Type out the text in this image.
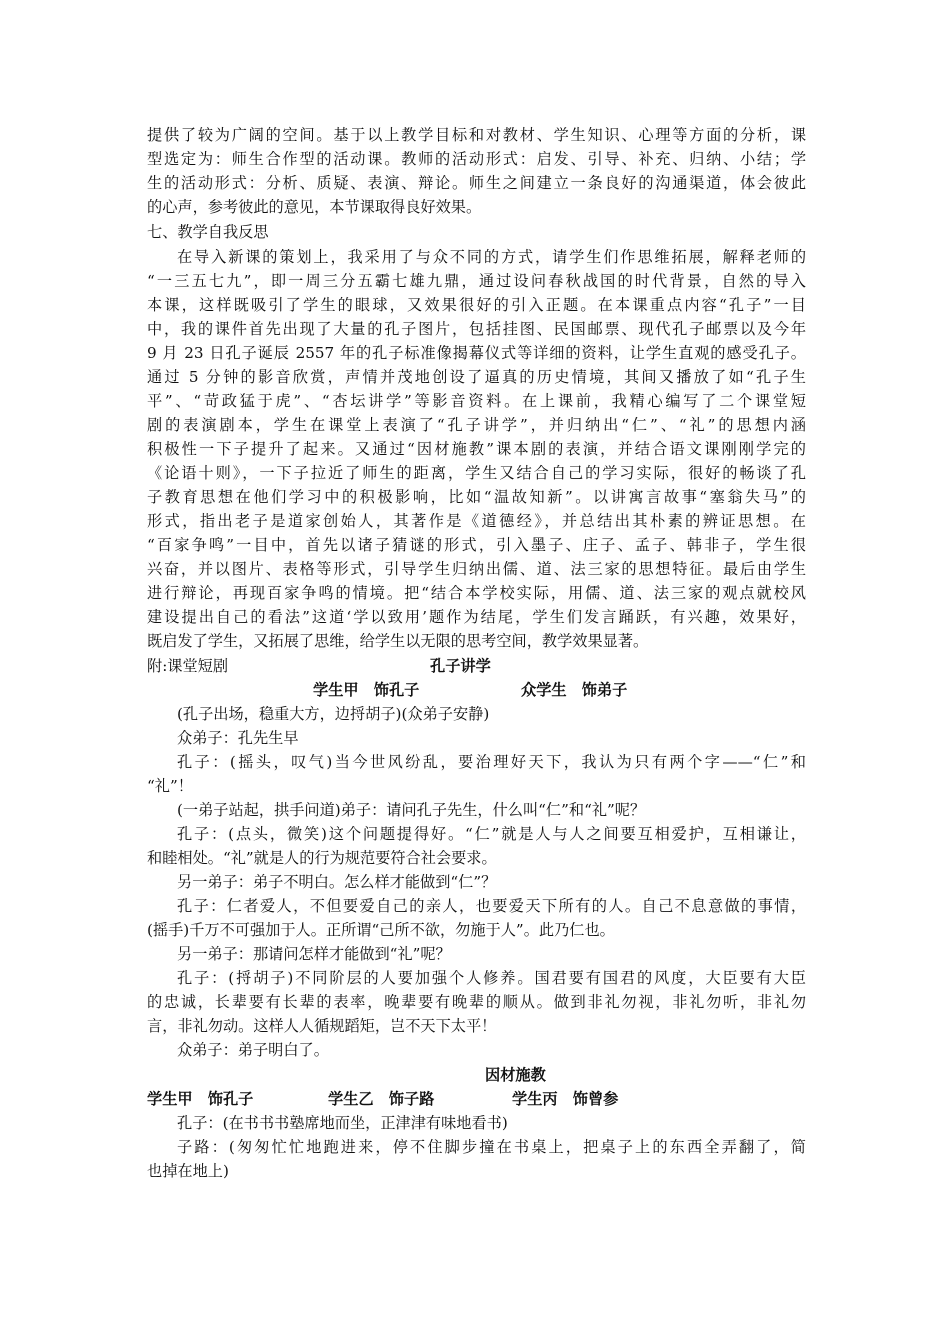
提供了较为广阔的空间。基于以上教学目标和对教材、学生知识、心理等方面的分析，课
型选定为：师生合作型的活动课。教师的活动形式：启发、引导、补充、归纳、小结；学
生的活动形式：分析、质疑、表演、辩论。师生之间建立一条良好的沟通渠道，体会彼此
的心声，参考彼此的意见，本节课取得良好效果。
七、教学自我反思
在导入新课的策划上，我采用了与众不同的方式，请学生们作思维拓展，解释老师的
“一三五七九”，即一周三分五霸七雄九鼎，通过设问春秋战国的时代背景，自然的导入
本课，这样既吸引了学生的眼球，又效果很好的引入正题。在本课重点内容“孔子”一目
中，我的课件首先出现了大量的孔子图片，包括挂图、民国邮票、现代孔子邮票以及今年
9 月 23 日孔子诞辰 2557 年的孔子标准像揭幕仪式等详细的资料，让学生直观的感受孔子。
通过 5 分钟的影音欣赏，声情并茂地创设了逼真的历史情境，其间又播放了如“孔子生
平”、“苛政猛于虎”、“杏坛讲学”等影音资料。在上课前，我精心编写了二个课堂短
剧的表演剧本，学生在课堂上表演了“孔子讲学”，并归纳出“仁”、“礼”的思想内涵
积极性一下子提升了起来。又通过“因材施教”课本剧的表演，并结合语文课刚刚学完的
《论语十则》，一下子拉近了师生的距离，学生又结合自己的学习实际，很好的畅谈了孔
子教育思想在他们学习中的积极影响，比如“温故知新”。以讲寓言故事“塞翁失马”的
形式，指出老子是道家创始人，其著作是《道德经》，并总结出其朴素的辨证思想。在
“百家争鸣”一目中，首先以诸子猜谜的形式，引入墨子、庄子、孟子、韩非子，学生很
兴奋，并以图片、表格等形式，引导学生归纳出儒、道、法三家的思想特征。最后由学生
进行辩论，再现百家争鸣的情境。把“结合本学校实际，用儒、道、法三家的观点就校风
建设提出自己的看法”这道‘学以致用’题作为结尾，学生们发言踊跃，有兴趣，效果好，
既启发了学生，又拓展了思维，给学生以无限的思考空间，教学效果显著。
附:课堂短剧	孔子讲学
学生甲　饰孔子	众学生　饰弟子
(孔子出场，稳重大方，边捋胡子)(众弟子安静)
众弟子：孔先生早
孔子：(摇头，叹气)当今世风纷乱，要治理好天下，我认为只有两个字——“仁”和
“礼”！
(一弟子站起，拱手问道)弟子：请问孔子先生，什么叫“仁”和“礼”呢？
孔子：(点头，微笑)这个问题提得好。“仁”就是人与人之间要互相爱护，互相谦让，
和睦相处。“礼”就是人的行为规范要符合社会要求。
另一弟子：弟子不明白。怎么样才能做到“仁”？
孔子：仁者爱人，不但要爱自己的亲人，也要爱天下所有的人。自己不息意做的事情，
(摇手)千万不可强加于人。正所谓“己所不欲，勿施于人”。此乃仁也。
另一弟子：那请问怎样才能做到“礼”呢？
孔子：(捋胡子)不同阶层的人要加强个人修养。国君要有国君的风度，大臣要有大臣
的忠诚，长辈要有长辈的表率，晚辈要有晚辈的顺从。做到非礼勿视，非礼勿听，非礼勿
言，非礼勿动。这样人人循规蹈矩，岂不天下太平！
众弟子：弟子明白了。
因材施教
学生甲　饰孔子	学生乙　饰子路	学生丙　饰曾参
孔子：(在书书书塾席地而坐，正津津有味地看书)
子路：(匆匆忙忙地跑进来，停不住脚步撞在书桌上，把桌子上的东西全弄翻了，简
也掉在地上)
